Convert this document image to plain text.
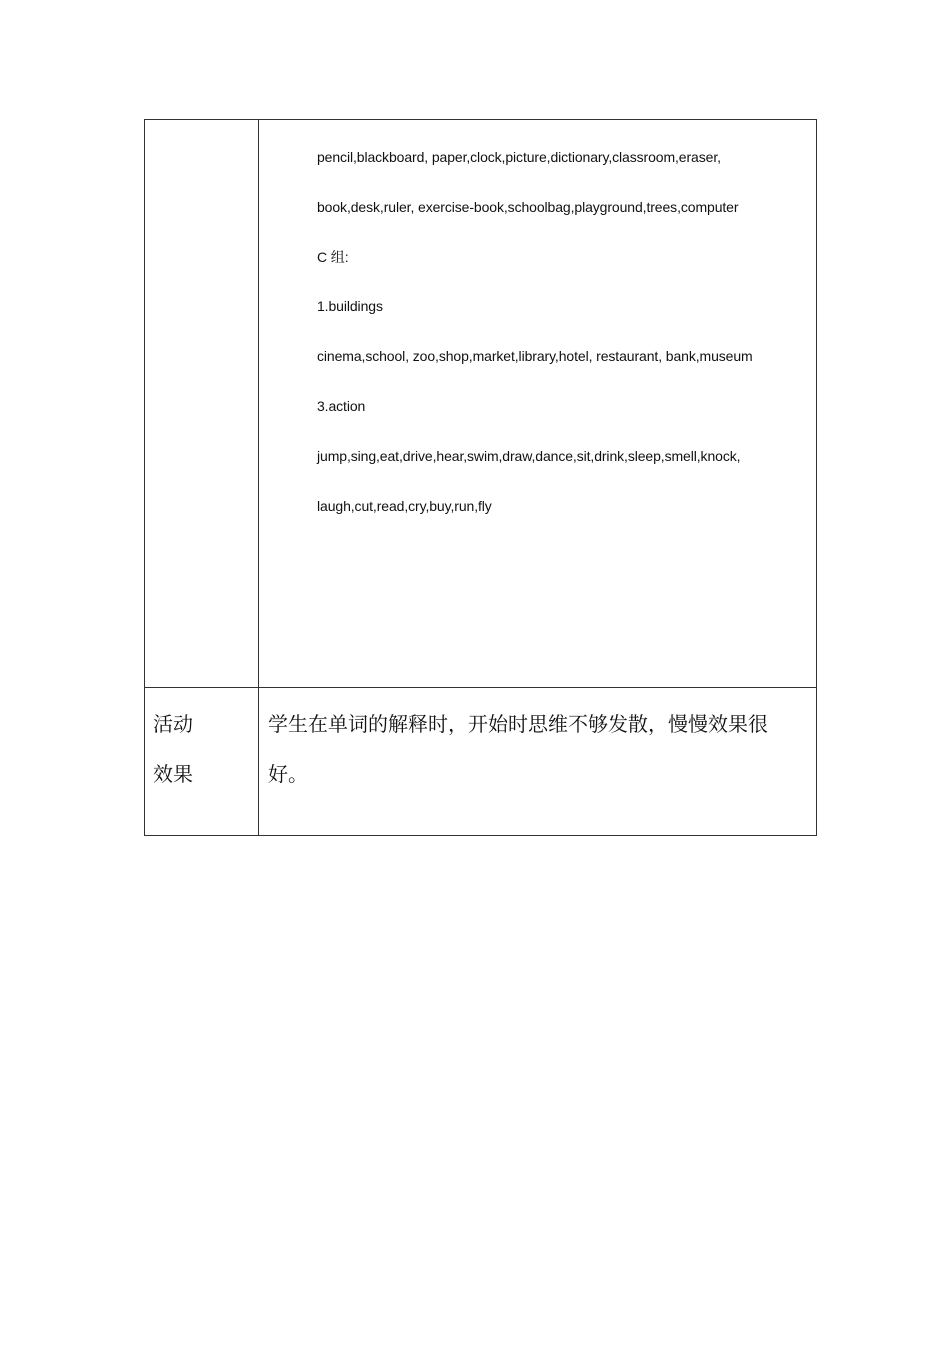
pencil,blackboard, paper,clock,picture,dictionary,classroom,eraser,
book,desk,ruler, exercise-book,schoolbag,playground,trees,computer
C 组:
1.buildings
cinema,school, zoo,shop,market,library,hotel, restaurant, bank,museum
3.action
jump,sing,eat,drive,hear,swim,draw,dance,sit,drink,sleep,smell,knock,
laugh,cut,read,cry,buy,run,fly
活动
效果

学生在单词的解释时，开始时思维不够发散，慢慢效果很好。
